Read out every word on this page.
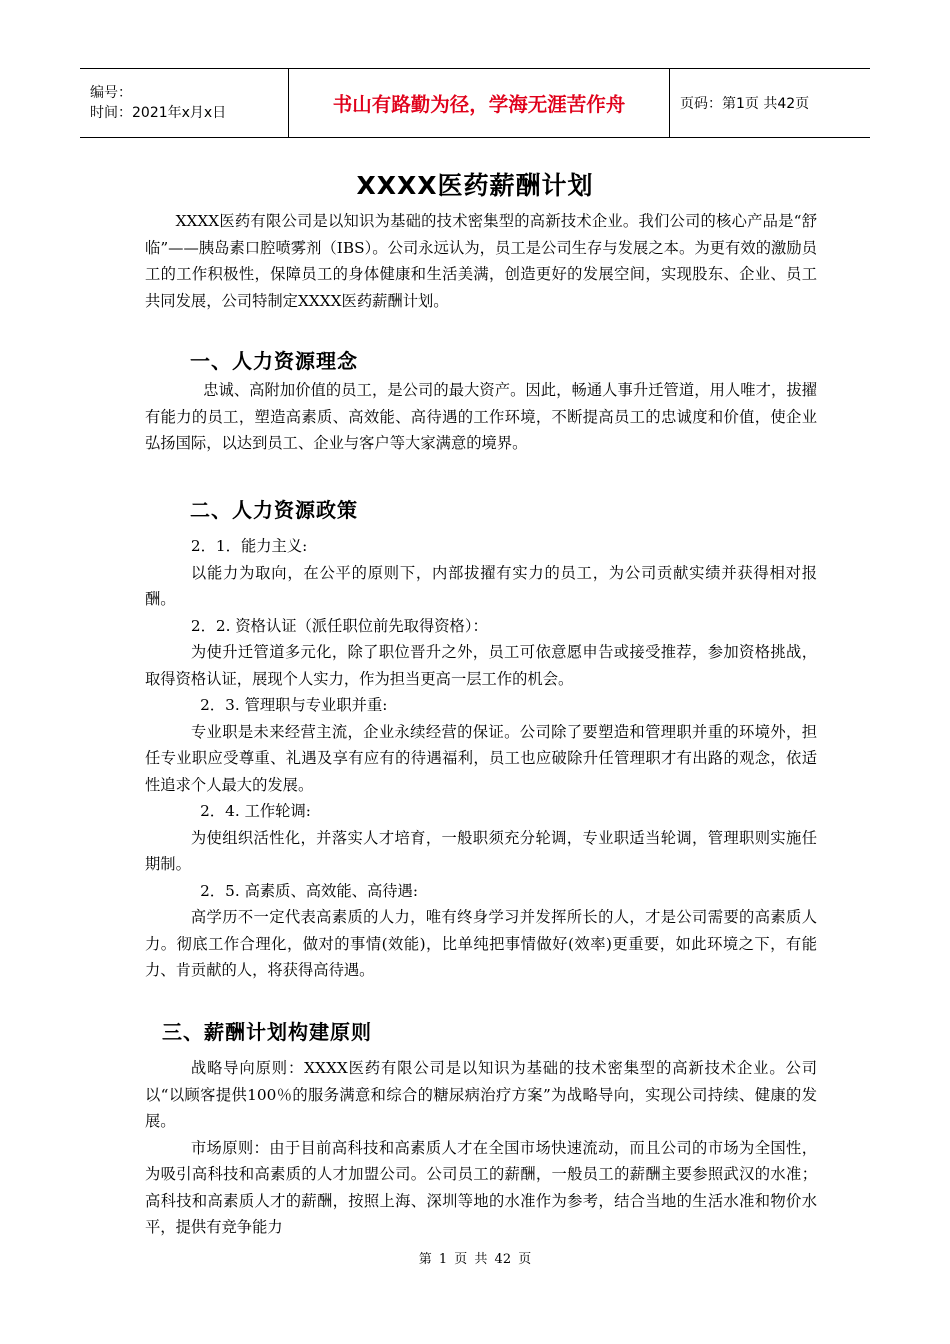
编号：
时间：2021年x月x日	书山有路勤为径，学海无涯苦作舟	页码：第1页 共42页
XXXX医药薪酬计划

XXXX医药有限公司是以知识为基础的技术密集型的高新技术企业。我们公司的核心产品是“舒临”——胰岛素口腔喷雾剂（IBS）。公司永远认为，员工是公司生存与发展之本。为更有效的激励员工的工作积极性，保障员工的身体健康和生活美满，创造更好的发展空间，实现股东、企业、员工共同发展，公司特制定XXXX医药薪酬计划。

一、人力资源理念

忠诚、高附加价值的员工，是公司的最大资产。因此，畅通人事升迁管道，用人唯才，拔擢有能力的员工，塑造高素质、高效能、高待遇的工作环境，不断提高员工的忠诚度和价值，使企业弘扬国际，以达到员工、企业与客户等大家满意的境界。

二、人力资源政策

2．1．能力主义:

以能力为取向，在公平的原则下，内部拔擢有实力的员工，为公司贡献实绩并获得相对报酬。

2．2. 资格认证（派任职位前先取得资格）：

为使升迁管道多元化，除了职位晋升之外，员工可依意愿申告或接受推荐，参加资格挑战，取得资格认证，展现个人实力，作为担当更高一层工作的机会。

2．3. 管理职与专业职并重:

专业职是未来经营主流，企业永续经营的保证。公司除了要塑造和管理职并重的环境外，担任专业职应受尊重、礼遇及享有应有的待遇福利，员工也应破除升任管理职才有出路的观念，依适性追求个人最大的发展。

2．4. 工作轮调:

为使组织活性化，并落实人才培育，一般职须充分轮调，专业职适当轮调，管理职则实施任期制。

2．5. 高素质、高效能、高待遇:

高学历不一定代表高素质的人力，唯有终身学习并发挥所长的人，才是公司需要的高素质人力。彻底工作合理化，做对的事情(效能)，比单纯把事情做好(效率)更重要，如此环境之下，有能力、肯贡献的人，将获得高待遇。

三、薪酬计划构建原则

战略导向原则：XXXX医药有限公司是以知识为基础的技术密集型的高新技术企业。公司以“以顾客提供100％的服务满意和综合的糖尿病治疗方案”为战略导向，实现公司持续、健康的发展。

市场原则：由于目前高科技和高素质人才在全国市场快速流动，而且公司的市场为全国性，为吸引高科技和高素质的人才加盟公司。公司员工的薪酬，一般员工的薪酬主要参照武汉的水准；高科技和高素质人才的薪酬，按照上海、深圳等地的水准作为参考，结合当地的生活水准和物价水平，提供有竞争能力

第 1 页 共 42 页
